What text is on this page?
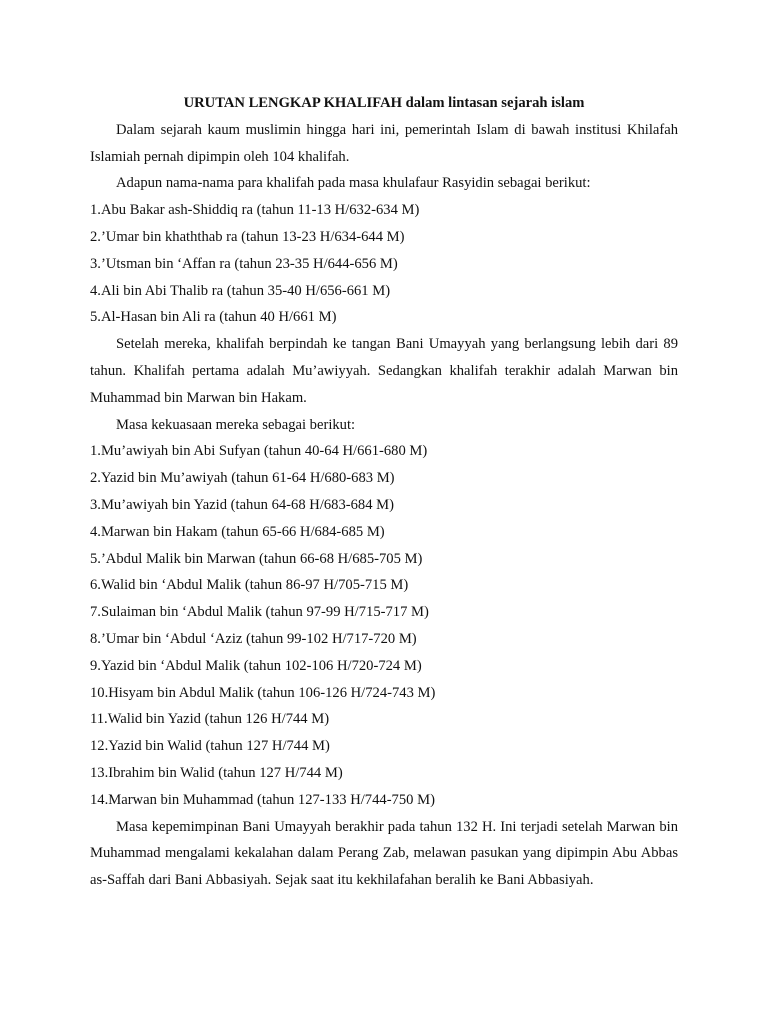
URUTAN LENGKAP KHALIFAH dalam lintasan sejarah islam

Dalam sejarah kaum muslimin hingga hari ini, pemerintah Islam di bawah institusi Khilafah Islamiah pernah dipimpin oleh 104 khalifah.

Adapun nama-nama para khalifah pada masa khulafaur Rasyidin sebagai berikut:

1.Abu Bakar ash-Shiddiq ra (tahun 11-13 H/632-634 M)

2.’Umar bin khaththab ra (tahun 13-23 H/634-644 M)

3.’Utsman bin ‘Affan ra (tahun 23-35 H/644-656 M)

4.Ali bin Abi Thalib ra (tahun 35-40 H/656-661 M)

5.Al-Hasan bin Ali ra (tahun 40 H/661 M)

Setelah mereka, khalifah berpindah ke tangan Bani Umayyah yang berlangsung lebih dari 89 tahun. Khalifah pertama adalah Mu’awiyyah. Sedangkan khalifah terakhir adalah Marwan bin Muhammad bin Marwan bin Hakam.

Masa kekuasaan mereka sebagai berikut:

1.Mu’awiyah bin Abi Sufyan (tahun 40-64 H/661-680 M)

2.Yazid bin Mu’awiyah (tahun 61-64 H/680-683 M)

3.Mu’awiyah bin Yazid (tahun 64-68 H/683-684 M)

4.Marwan bin Hakam (tahun 65-66 H/684-685 M)

5.’Abdul Malik bin Marwan (tahun 66-68 H/685-705 M)

6.Walid bin ‘Abdul Malik (tahun 86-97 H/705-715 M)

7.Sulaiman bin ‘Abdul Malik (tahun 97-99 H/715-717 M)

8.’Umar bin ‘Abdul ‘Aziz (tahun 99-102 H/717-720 M)

9.Yazid bin ‘Abdul Malik (tahun 102-106 H/720-724 M)

10.Hisyam bin Abdul Malik (tahun 106-126 H/724-743 M)

11.Walid bin Yazid (tahun 126 H/744 M)

12.Yazid bin Walid (tahun 127 H/744 M)

13.Ibrahim bin Walid (tahun 127 H/744 M)

14.Marwan bin Muhammad (tahun 127-133 H/744-750 M)

Masa kepemimpinan Bani Umayyah berakhir pada tahun 132 H. Ini terjadi setelah Marwan bin Muhammad mengalami kekalahan dalam Perang Zab, melawan pasukan yang dipimpin Abu Abbas as-Saffah dari Bani Abbasiyah. Sejak saat itu kekhilafahan beralih ke Bani Abbasiyah.
